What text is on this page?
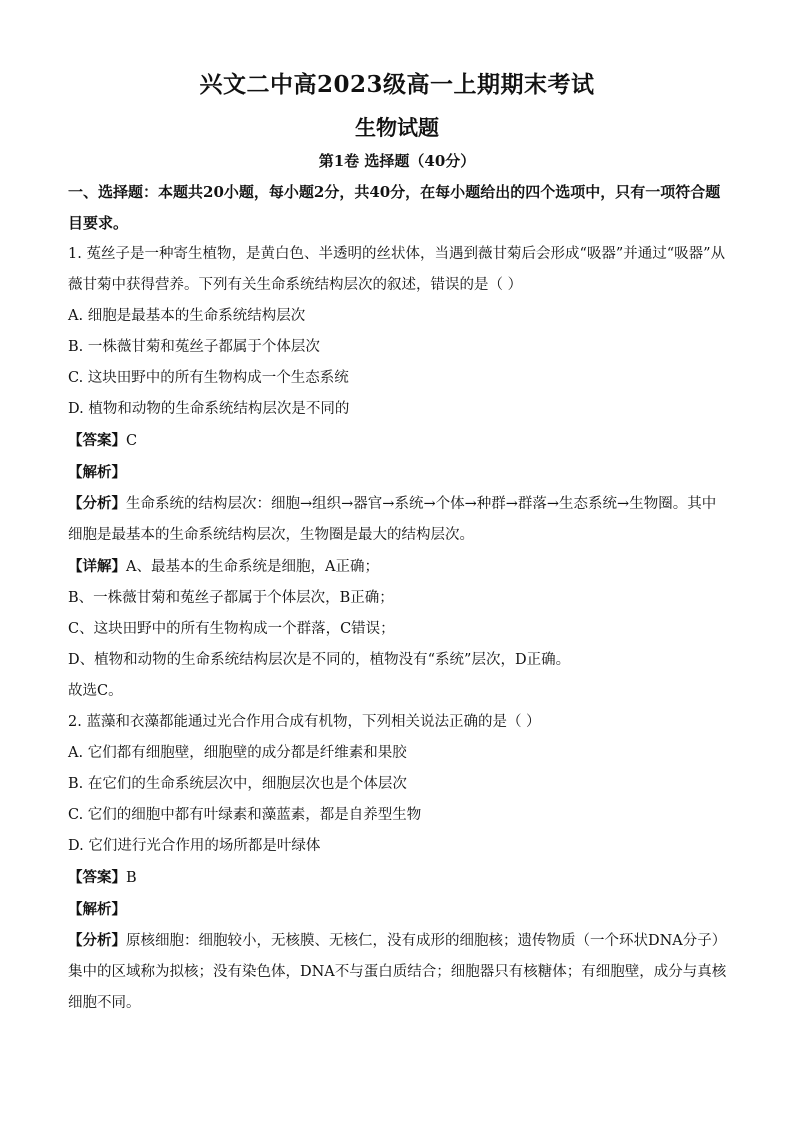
兴文二中高2023级高一上期期末考试
生物试题
第1卷 选择题（40分）

一、选择题：本题共20小题，每小题2分，共40分，在每小题给出的四个选项中，只有一项符合题目要求。

1. 菟丝子是一种寄生植物，是黄白色、半透明的丝状体，当遇到薇甘菊后会形成“吸器”并通过“吸器”从薇甘菊中获得营养。下列有关生命系统结构层次的叙述，错误的是（ ）

A. 细胞是最基本的生命系统结构层次

B. 一株薇甘菊和菟丝子都属于个体层次

C. 这块田野中的所有生物构成一个生态系统

D. 植物和动物的生命系统结构层次是不同的

【答案】C

【解析】

【分析】生命系统的结构层次：细胞→组织→器官→系统→个体→种群→群落→生态系统→生物圈。其中细胞是最基本的生命系统结构层次，生物圈是最大的结构层次。

【详解】A、最基本的生命系统是细胞，A正确；

B、一株薇甘菊和菟丝子都属于个体层次，B正确；

C、这块田野中的所有生物构成一个群落，C错误；

D、植物和动物的生命系统结构层次是不同的，植物没有“系统”层次，D正确。

故选C。

2. 蓝藻和衣藻都能通过光合作用合成有机物，下列相关说法正确的是（ ）

A. 它们都有细胞壁，细胞壁的成分都是纤维素和果胶

B. 在它们的生命系统层次中，细胞层次也是个体层次

C. 它们的细胞中都有叶绿素和藻蓝素，都是自养型生物

D. 它们进行光合作用的场所都是叶绿体

【答案】B

【解析】

【分析】原核细胞：细胞较小，无核膜、无核仁，没有成形的细胞核；遗传物质（一个环状DNA分子）集中的区域称为拟核；没有染色体，DNA不与蛋白质结合；细胞器只有核糖体；有细胞壁，成分与真核细胞不同。
